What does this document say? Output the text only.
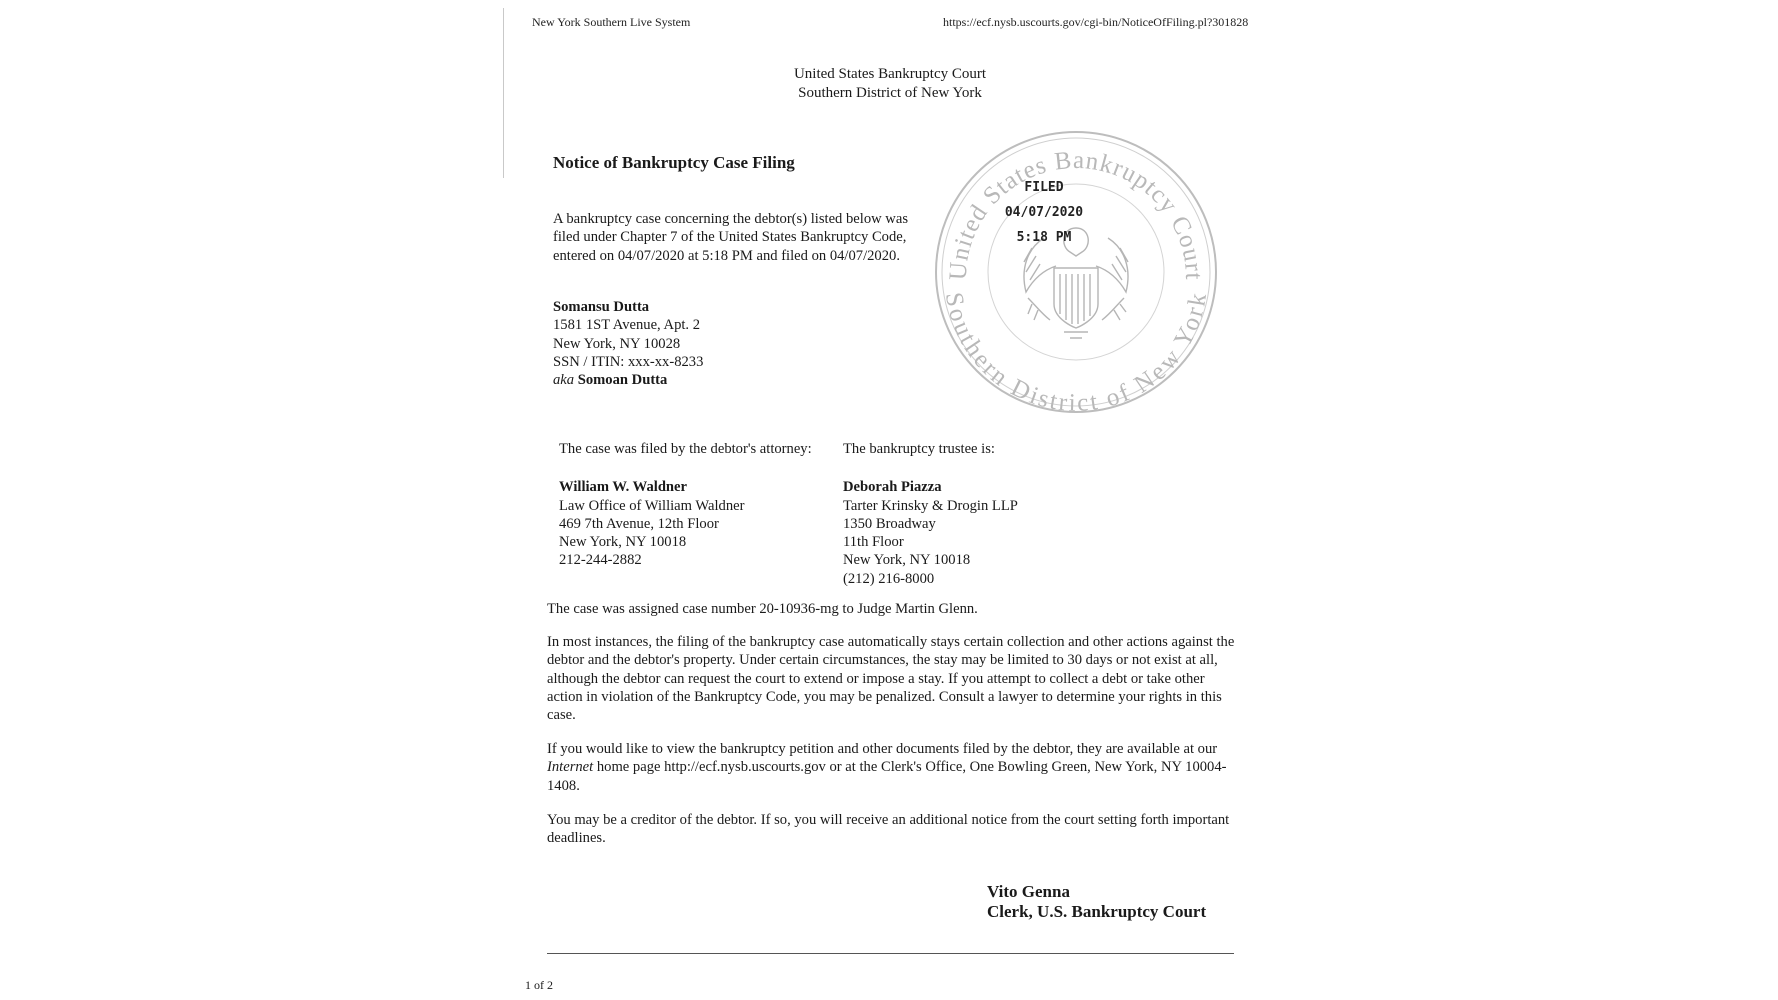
New York Southern Live System	https://ecf.nysb.uscourts.gov/cgi-bin/NoticeOfFiling.pl?301828
United States Bankruptcy Court
Southern District of New York
Notice of Bankruptcy Case Filing
A bankruptcy case concerning the debtor(s) listed below was filed under Chapter 7 of the United States Bankruptcy Code, entered on 04/07/2020 at 5:18 PM and filed on 04/07/2020.
Somansu Dutta
1581 1ST Avenue, Apt. 2
New York, NY 10028
SSN / ITIN: xxx-xx-8233
aka Somoan Dutta
United States Bankruptcy Court
Southern District of New York
FILED
04/07/2020
5:18 PM
The case was filed by the debtor's attorney:
William W. Waldner
Law Office of William Waldner
469 7th Avenue, 12th Floor
New York, NY 10018
212-244-2882
The bankruptcy trustee is:
Deborah Piazza
Tarter Krinsky & Drogin LLP
1350 Broadway
11th Floor
New York, NY 10018
(212) 216-8000
The case was assigned case number 20-10936-mg to Judge Martin Glenn.
In most instances, the filing of the bankruptcy case automatically stays certain collection and other actions against the debtor and the debtor's property. Under certain circumstances, the stay may be limited to 30 days or not exist at all, although the debtor can request the court to extend or impose a stay. If you attempt to collect a debt or take other action in violation of the Bankruptcy Code, you may be penalized. Consult a lawyer to determine your rights in this case.
If you would like to view the bankruptcy petition and other documents filed by the debtor, they are available at our Internet home page http://ecf.nysb.uscourts.gov or at the Clerk's Office, One Bowling Green, New York, NY 10004-1408.
You may be a creditor of the debtor. If so, you will receive an additional notice from the court setting forth important deadlines.
Vito Genna
Clerk, U.S. Bankruptcy Court
1 of 2
